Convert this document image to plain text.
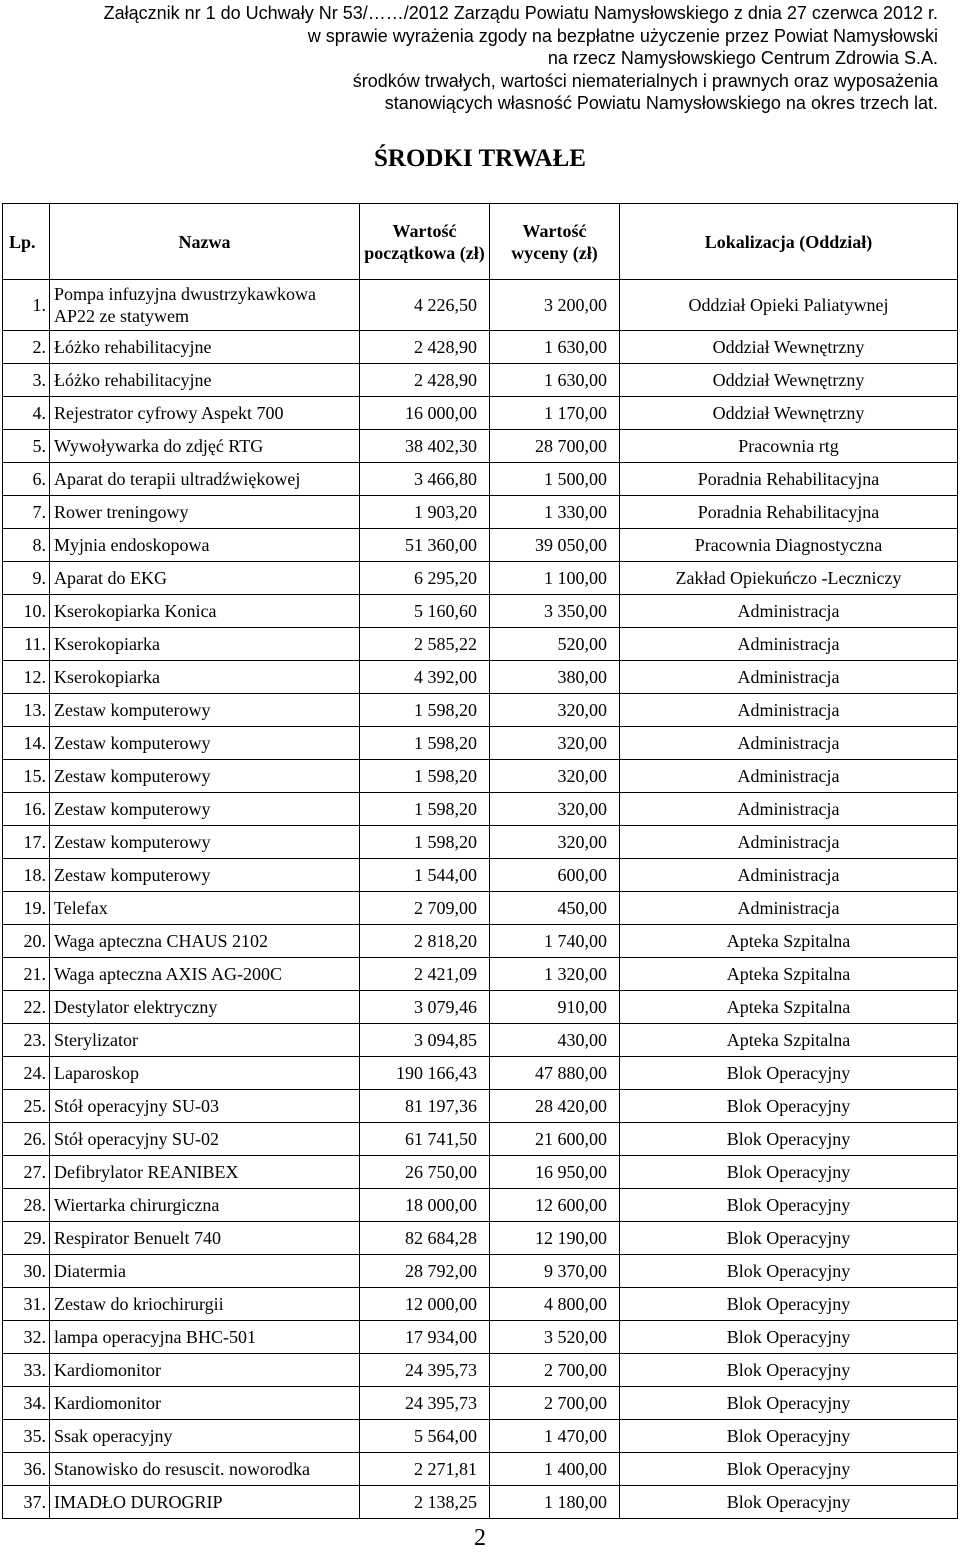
Załącznik nr 1 do Uchwały Nr 53/……/2012 Zarządu Powiatu Namysłowskiego z dnia 27 czerwca 2012 r.
w sprawie wyrażenia zgody na bezpłatne użyczenie przez Powiat Namysłowski
na rzecz Namysłowskiego Centrum Zdrowia S.A.
środków trwałych, wartości niematerialnych i prawnych oraz wyposażenia
stanowiących własność Powiatu Namysłowskiego na okres trzech lat.
ŚRODKI TRWAŁE
Lp.	Nazwa	Wartość początkowa (zł)	Wartość wyceny (zł)	Lokalizacja (Oddział)
1.	Pompa infuzyjna dwustrzykawkowa AP22 ze statywem	4 226,50	3 200,00	Oddział Opieki Paliatywnej
2.	Łóżko rehabilitacyjne	2 428,90	1 630,00	Oddział Wewnętrzny
3.	Łóżko rehabilitacyjne	2 428,90	1 630,00	Oddział Wewnętrzny
4.	Rejestrator cyfrowy Aspekt 700	16 000,00	1 170,00	Oddział Wewnętrzny
5.	Wywoływarka do zdjęć RTG	38 402,30	28 700,00	Pracownia rtg
6.	Aparat do terapii ultradźwiękowej	3 466,80	1 500,00	Poradnia Rehabilitacyjna
7.	Rower treningowy	1 903,20	1 330,00	Poradnia Rehabilitacyjna
8.	Myjnia endoskopowa	51 360,00	39 050,00	Pracownia Diagnostyczna
9.	Aparat do EKG	6 295,20	1 100,00	Zakład Opiekuńczo -Leczniczy
10.	Kserokopiarka Konica	5 160,60	3 350,00	Administracja
11.	Kserokopiarka	2 585,22	520,00	Administracja
12.	Kserokopiarka	4 392,00	380,00	Administracja
13.	Zestaw komputerowy	1 598,20	320,00	Administracja
14.	Zestaw komputerowy	1 598,20	320,00	Administracja
15.	Zestaw komputerowy	1 598,20	320,00	Administracja
16.	Zestaw komputerowy	1 598,20	320,00	Administracja
17.	Zestaw komputerowy	1 598,20	320,00	Administracja
18.	Zestaw komputerowy	1 544,00	600,00	Administracja
19.	Telefax	2 709,00	450,00	Administracja
20.	Waga apteczna CHAUS 2102	2 818,20	1 740,00	Apteka Szpitalna
21.	Waga apteczna AXIS AG-200C	2 421,09	1 320,00	Apteka Szpitalna
22.	Destylator elektryczny	3 079,46	910,00	Apteka Szpitalna
23.	Sterylizator	3 094,85	430,00	Apteka Szpitalna
24.	Laparoskop	190 166,43	47 880,00	Blok Operacyjny
25.	Stół operacyjny SU-03	81 197,36	28 420,00	Blok Operacyjny
26.	Stół operacyjny SU-02	61 741,50	21 600,00	Blok Operacyjny
27.	Defibrylator REANIBEX	26 750,00	16 950,00	Blok Operacyjny
28.	Wiertarka chirurgiczna	18 000,00	12 600,00	Blok Operacyjny
29.	Respirator Benuelt 740	82 684,28	12 190,00	Blok Operacyjny
30.	Diatermia	28 792,00	9 370,00	Blok Operacyjny
31.	Zestaw do kriochirurgii	12 000,00	4 800,00	Blok Operacyjny
32.	lampa operacyjna BHC-501	17 934,00	3 520,00	Blok Operacyjny
33.	Kardiomonitor	24 395,73	2 700,00	Blok Operacyjny
34.	Kardiomonitor	24 395,73	2 700,00	Blok Operacyjny
35.	Ssak operacyjny	5 564,00	1 470,00	Blok Operacyjny
36.	Stanowisko do resuscit. noworodka	2 271,81	1 400,00	Blok Operacyjny
37.	IMADŁO DUROGRIP	2 138,25	1 180,00	Blok Operacyjny
2
